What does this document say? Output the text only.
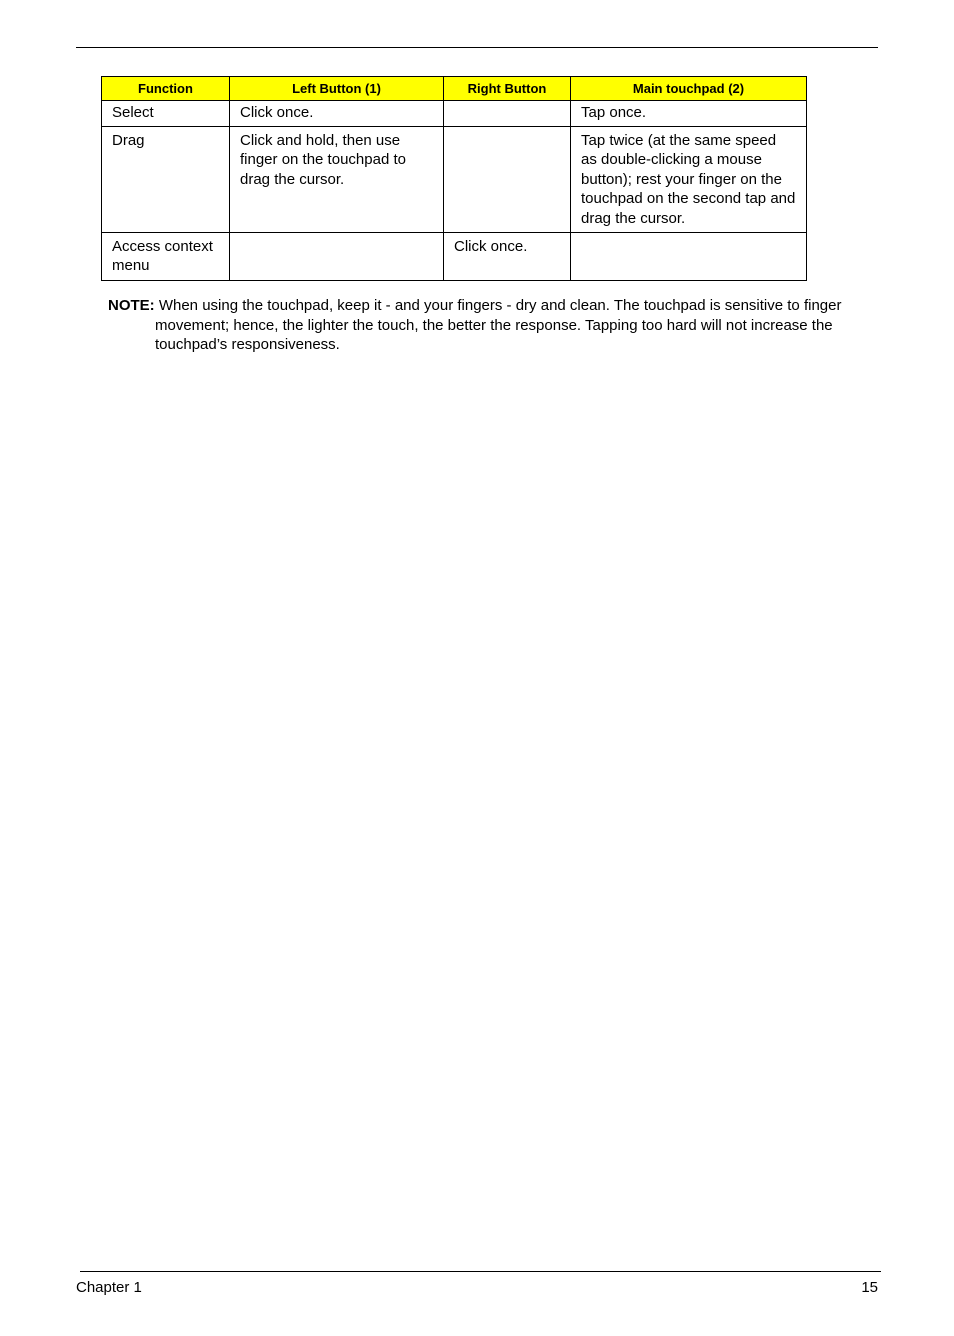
Function	Left Button (1)	Right Button	Main touchpad (2)
Select	Click once.		Tap once.
Drag	Click and hold, then use finger on the touchpad to drag the cursor.		Tap twice (at the same speed as double-clicking a mouse button); rest your finger on the touchpad on the second tap and drag the cursor.
Access context menu		Click once.	
NOTE: When using the touchpad, keep it - and your fingers - dry and clean. The touchpad is sensitive to finger movement; hence, the lighter the touch, the better the response. Tapping too hard will not increase the touchpad’s responsiveness.
Chapter 1	15
